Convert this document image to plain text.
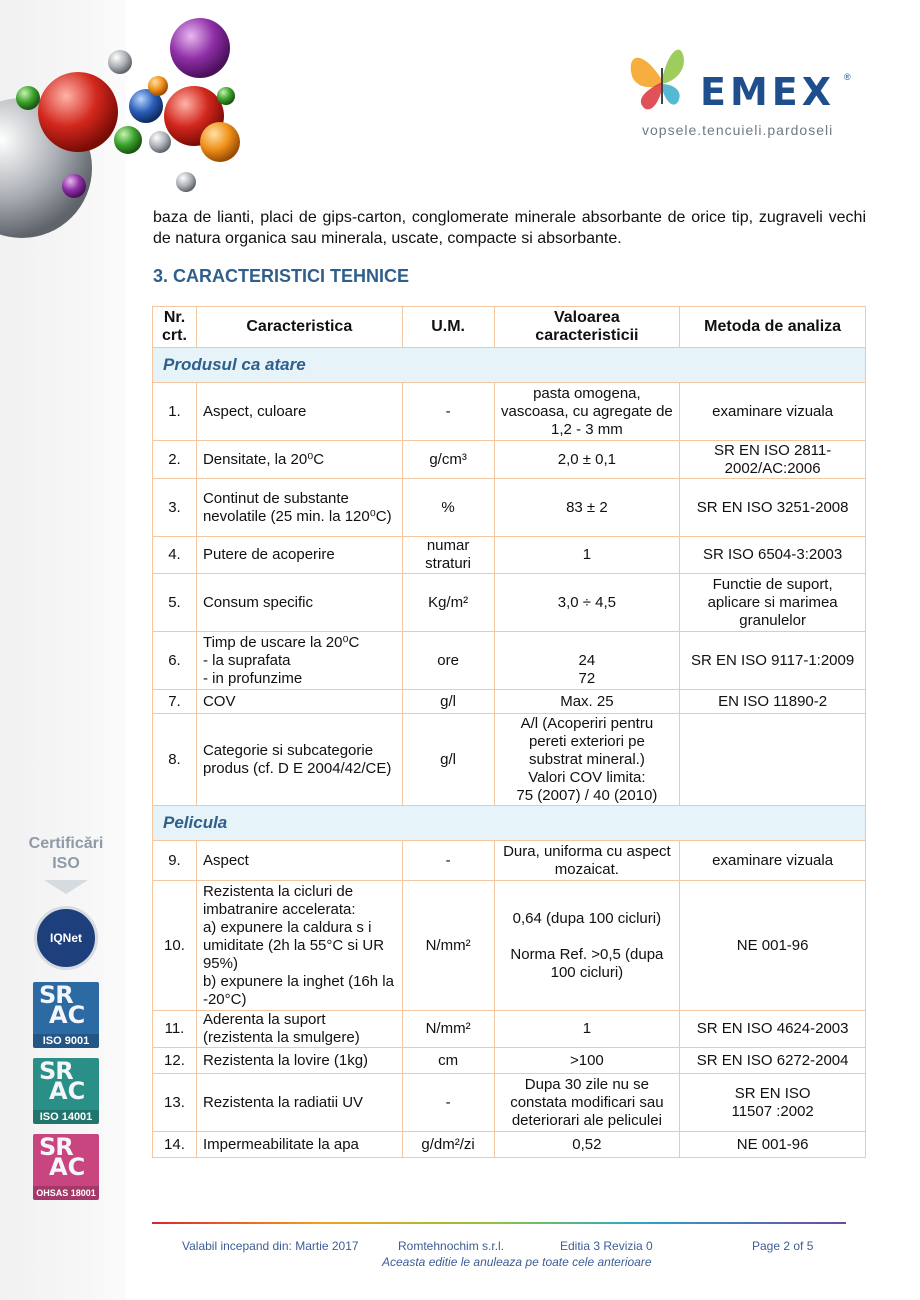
EMEX ®
vopsele.tencuieli.pardoseli
Certificări
ISO
IQNet
SR
AC
ISO 9001
SR
AC
ISO 14001
SR
AC
OHSAS 18001
baza de lianti, placi de gips-carton, conglomerate minerale absorbante de orice tip, zugraveli vechi de natura organica sau minerala, uscate, compacte si absorbante.
3. CARACTERISTICI TEHNICE
Nr. crt.	Caracteristica	U.M.	Valoarea caracteristicii	Metoda de analiza
Produsul ca atare				
1.	Aspect, culoare	-	pasta omogena, vascoasa, cu agregate de 1,2 - 3 mm	examinare vizuala
2.	Densitate, la 20⁰C	g/cm³	2,0 ± 0,1	SR EN ISO 2811-2002/AC:2006
3.	Continut de substante nevolatile (25 min. la 120⁰C)	%	83 ± 2	SR EN ISO 3251-2008
4.	Putere de acoperire	numar straturi	1	SR ISO 6504-3:2003
5.	Consum specific	Kg/m²	3,0 ÷ 4,5	Functie de suport, aplicare si marimea granulelor
6.	Timp de uscare la 20⁰C
- la suprafata
- in profunzime	ore	
24
72	SR EN ISO 9117-1:2009
7.	COV	g/l	Max. 25	EN ISO 11890-2
8.	Categorie si subcategorie produs (cf. D E 2004/42/CE)	g/l	A/l (Acoperiri pentru pereti exteriori pe substrat mineral.)
Valori COV limita:
75 (2007) / 40 (2010)	
Pelicula				
9.	Aspect	-	Dura, uniforma cu aspect mozaicat.	examinare vizuala
10.	Rezistenta la cicluri de imbatranire accelerata:
a) expunere la caldura s i umiditate (2h la 55°C si UR 95%)
b) expunere la inghet (16h la -20°C)	N/mm²	0,64 (dupa 100 cicluri)

Norma Ref. >0,5 (dupa 100 cicluri)	NE 001-96
11.	Aderenta la suport (rezistenta la smulgere)	N/mm²	1	SR EN ISO 4624-2003
12.	Rezistenta la lovire (1kg)	cm	>100	SR EN ISO 6272-2004
13.	Rezistenta la radiatii UV	-	Dupa 30 zile nu se constata modificari sau deteriorari ale peliculei	SR EN ISO
11507 :2002
14.	Impermeabilitate la apa	g/dm²/zi	0,52	NE 001-96
Valabil incepand din: Martie 2017	Romtehnochim s.r.l.	Editia 3 Revizia 0	Page 2 of 5
Aceasta editie le anuleaza pe toate cele anterioare
